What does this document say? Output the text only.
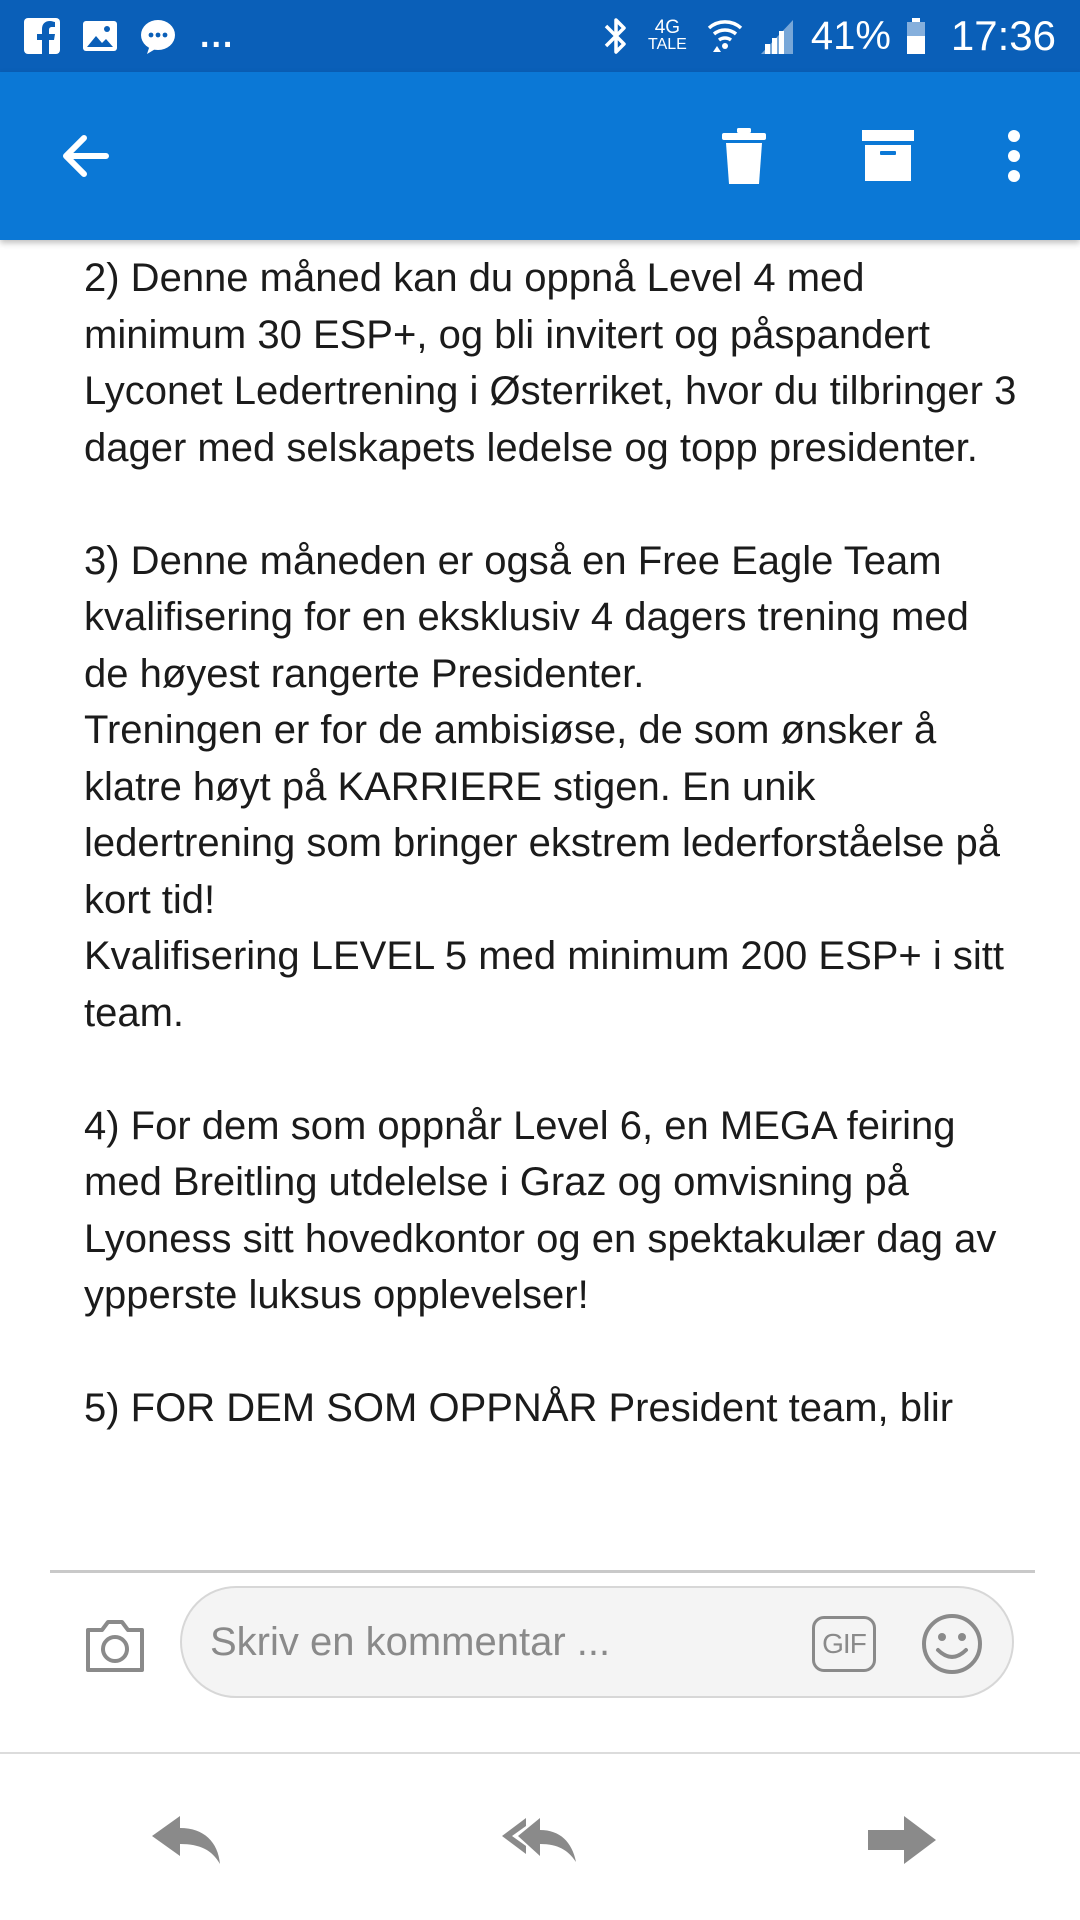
...	4G
TALE	41% 17:36

2) Denne måned kan du oppnå Level 4 med minimum 30 ESP+, og bli invitert og påspandert Lyconet Ledertrening i Østerriket, hvor du tilbringer 3 dager med selskapets ledelse og topp presidenter.

3) Denne måneden er også en Free Eagle Team kvalifisering for en eksklusiv 4 dagers trening med de høyest rangerte Presidenter.
Treningen er for de ambisiøse, de som ønsker å klatre høyt på KARRIERE stigen. En unik ledertrening som bringer ekstrem lederforståelse på kort tid!
Kvalifisering LEVEL 5 med minimum 200 ESP+ i sitt team.

4) For dem som oppnår Level 6, en MEGA feiring med Breitling utdelelse i Graz og omvisning på Lyoness sitt hovedkontor og en spektakulær dag av ypperste luksus opplevelser!

5) FOR DEM SOM OPPNÅR President team, blir

Skriv en kommentar ...
GIF
